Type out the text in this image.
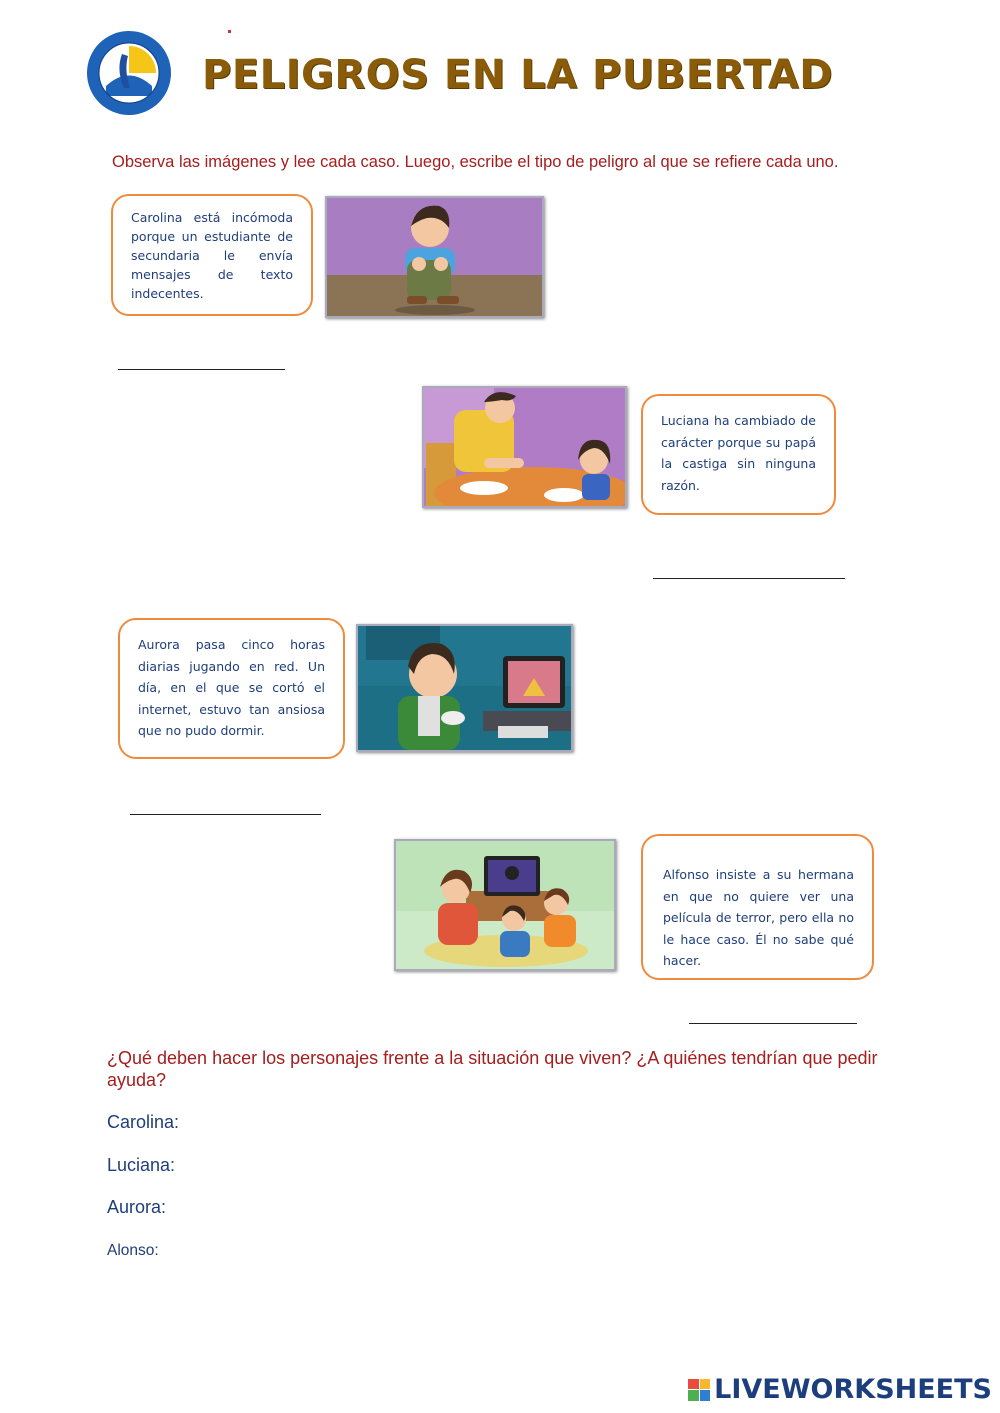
PELIGROS EN LA PUBERTAD
Observa las imágenes y lee cada caso. Luego, escribe el tipo de peligro al que se refiere cada uno.
Carolina está incómoda porque un estudiante de secundaria le envía mensajes de texto indecentes.
Luciana ha cambiado de carácter porque su papá la castiga sin ninguna razón.
Aurora pasa cinco horas diarias jugando en red. Un día, en el que se cortó el internet, estuvo tan ansiosa que no pudo dormir.
Alfonso insiste a su hermana en que no quiere ver una película de terror, pero ella no le hace caso. Él no sabe qué hacer.
¿Qué deben hacer los personajes frente a la situación que viven? ¿A quiénes tendrían que pedir ayuda?
Carolina:
Luciana:
Aurora:
Alonso:
LIVEWORKSHEETS
